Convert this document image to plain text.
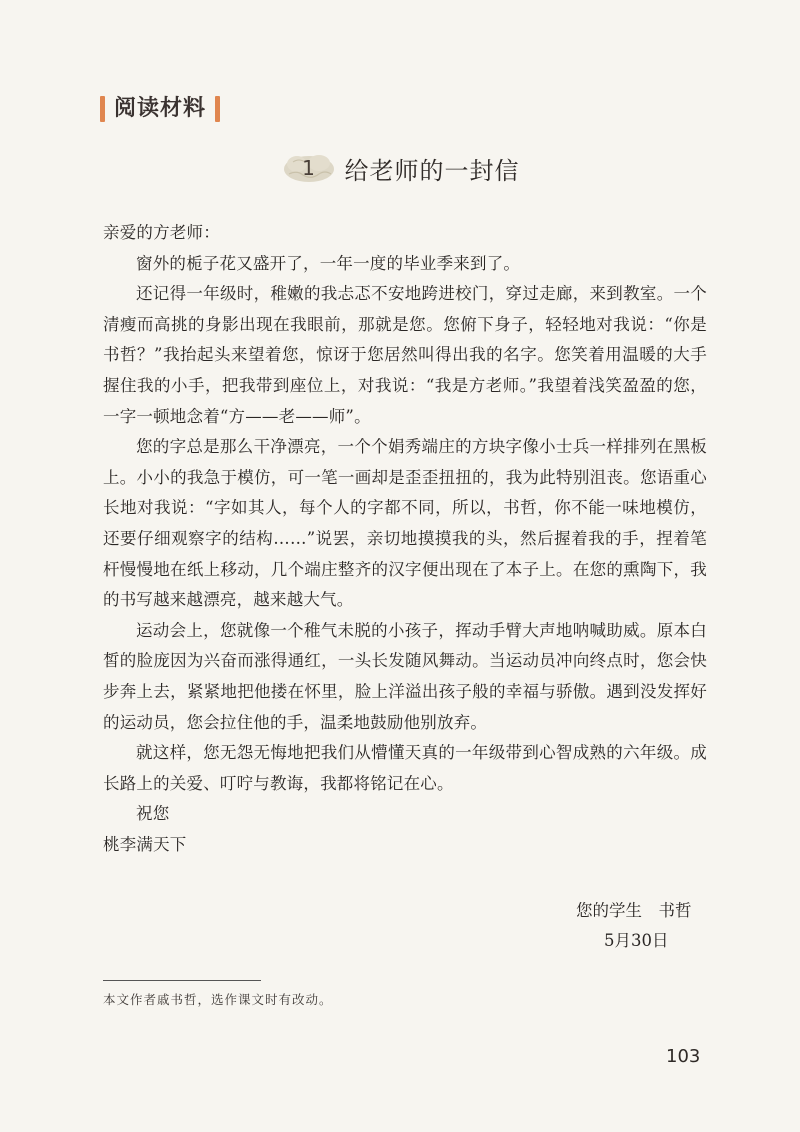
阅读材料
1 给老师的一封信

亲爱的方老师：

窗外的栀子花又盛开了，一年一度的毕业季来到了。

还记得一年级时，稚嫩的我忐忑不安地跨进校门，穿过走廊，来到教室。一个清瘦而高挑的身影出现在我眼前，那就是您。您俯下身子，轻轻地对我说：“你是书哲？”我抬起头来望着您，惊讶于您居然叫得出我的名字。您笑着用温暖的大手握住我的小手，把我带到座位上，对我说：“我是方老师。”我望着浅笑盈盈的您，一字一顿地念着“方——老——师”。

您的字总是那么干净漂亮，一个个娟秀端庄的方块字像小士兵一样排列在黑板上。小小的我急于模仿，可一笔一画却是歪歪扭扭的，我为此特别沮丧。您语重心长地对我说：“字如其人，每个人的字都不同，所以，书哲，你不能一味地模仿，还要仔细观察字的结构……”说罢，亲切地摸摸我的头，然后握着我的手，捏着笔杆慢慢地在纸上移动，几个端庄整齐的汉字便出现在了本子上。在您的熏陶下，我的书写越来越漂亮，越来越大气。

运动会上，您就像一个稚气未脱的小孩子，挥动手臂大声地呐喊助威。原本白皙的脸庞因为兴奋而涨得通红，一头长发随风舞动。当运动员冲向终点时，您会快步奔上去，紧紧地把他搂在怀里，脸上洋溢出孩子般的幸福与骄傲。遇到没发挥好的运动员，您会拉住他的手，温柔地鼓励他别放弃。

就这样，您无怨无悔地把我们从懵懂天真的一年级带到心智成熟的六年级。成长路上的关爱、叮咛与教诲，我都将铭记在心。

祝您

桃李满天下

您的学生　书哲
5月30日
本文作者戚书哲，选作课文时有改动。
103
